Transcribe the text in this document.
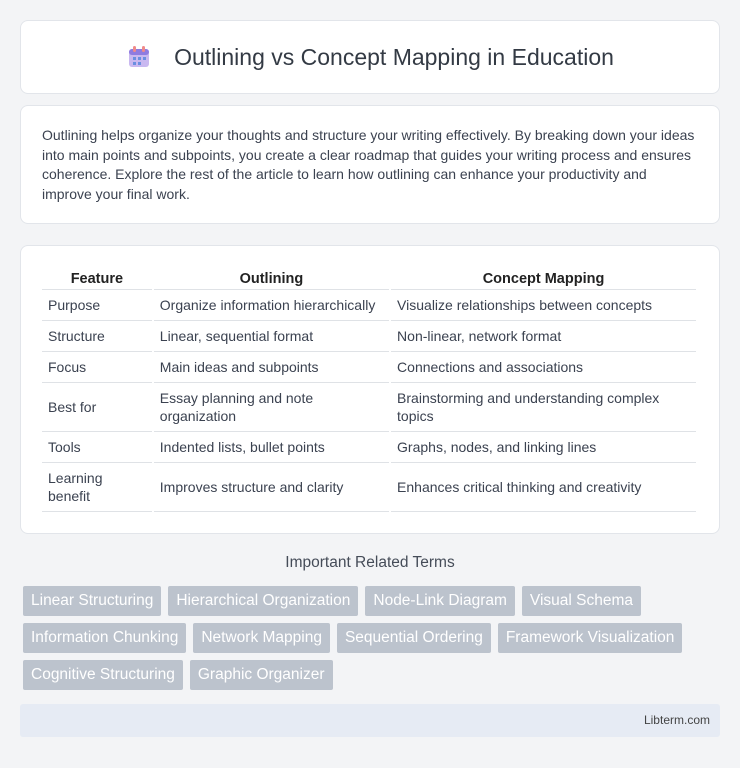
Outlining vs Concept Mapping in Education

Outlining helps organize your thoughts and structure your writing effectively. By breaking down your ideas into main points and subpoints, you create a clear roadmap that guides your writing process and ensures coherence. Explore the rest of the article to learn how outlining can enhance your productivity and improve your final work.

Feature	Outlining	Concept Mapping
Purpose	Organize information hierarchically	Visualize relationships between concepts
Structure	Linear, sequential format	Non-linear, network format
Focus	Main ideas and subpoints	Connections and associations
Best for	Essay planning and note organization	Brainstorming and understanding complex topics
Tools	Indented lists, bullet points	Graphs, nodes, and linking lines
Learning benefit	Improves structure and clarity	Enhances critical thinking and creativity
Important Related Terms
Linear Structuring	Hierarchical Organization	Node-Link Diagram	Visual Schema
Information Chunking	Network Mapping	Sequential Ordering	Framework Visualization
Cognitive Structuring	Graphic Organizer
Libterm.com
